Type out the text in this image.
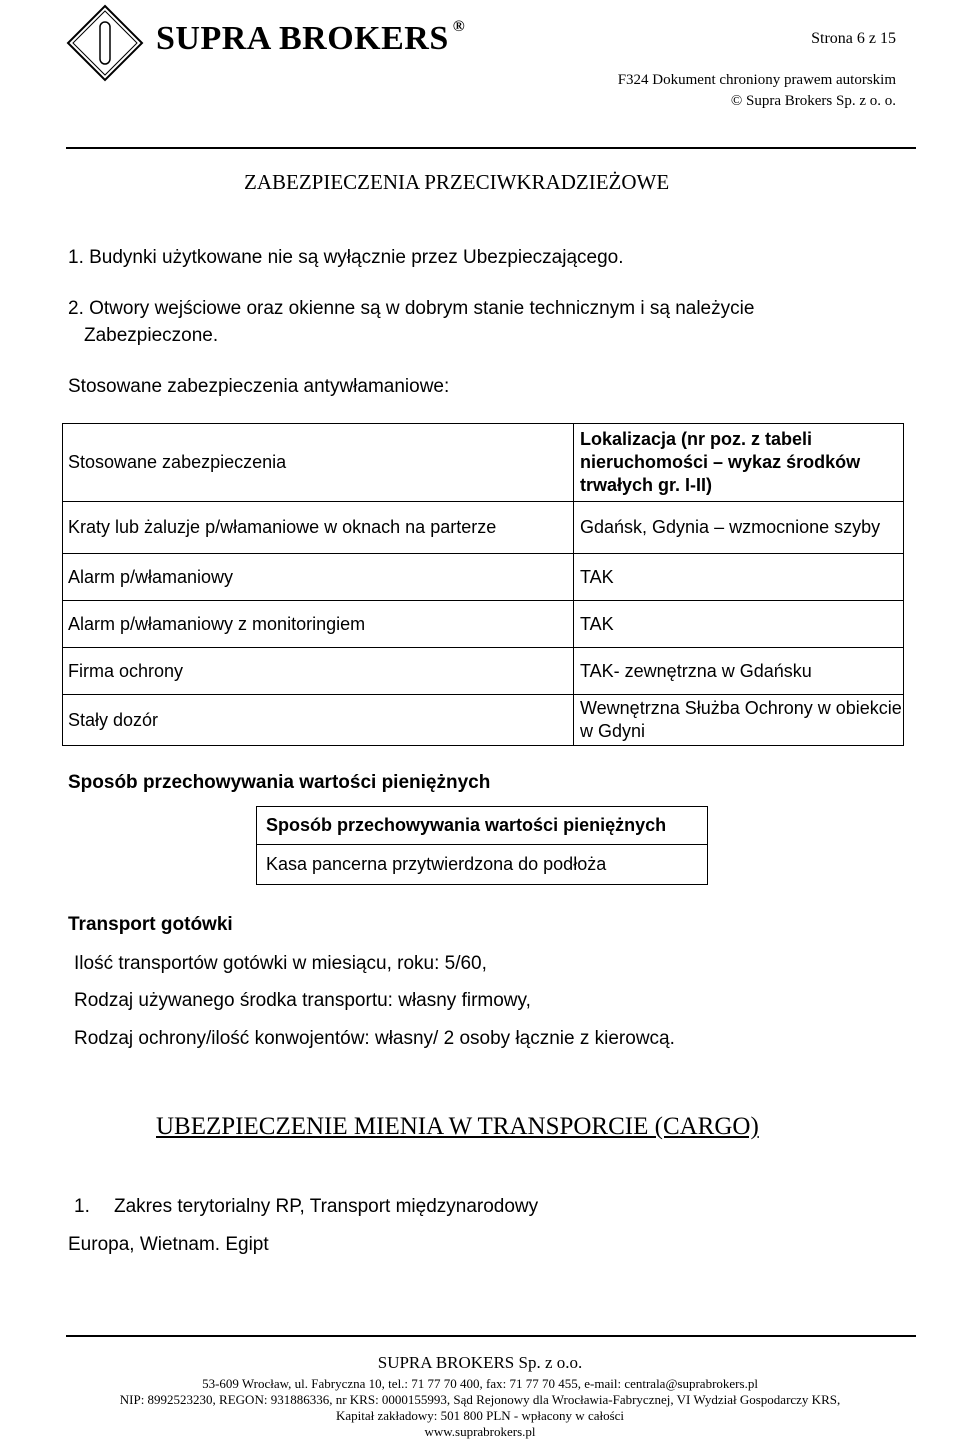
SUPRA BROKERS ®
Strona 6 z 15
F324 Dokument chroniony prawem autorskim
© Supra Brokers Sp. z o. o.
ZABEZPIECZENIA PRZECIWKRADZIEŻOWE
1. Budynki użytkowane nie są wyłącznie przez Ubezpieczającego.
2. Otwory wejściowe oraz okienne są w dobrym stanie technicznym i są należycie
Zabezpieczone.
Stosowane zabezpieczenia antywłamaniowe:
Stosowane zabezpieczenia	Lokalizacja (nr poz. z tabeli nieruchomości – wykaz środków trwałych gr. I-II)
Kraty lub żaluzje p/włamaniowe w oknach na parterze	Gdańsk, Gdynia – wzmocnione szyby
Alarm p/włamaniowy	TAK
Alarm p/włamaniowy z monitoringiem	TAK
Firma ochrony	TAK- zewnętrzna w Gdańsku
Stały dozór	Wewnętrzna Służba Ochrony w obiekcie w Gdyni
Sposób przechowywania wartości pieniężnych
Sposób przechowywania wartości pieniężnych
Kasa pancerna przytwierdzona do podłoża
Transport gotówki
Ilość transportów gotówki w miesiącu, roku: 5/60,
Rodzaj używanego środka transportu: własny firmowy,
Rodzaj ochrony/ilość konwojentów: własny/ 2 osoby łącznie z kierowcą.
UBEZPIECZENIE MIENIA W TRANSPORCIE (CARGO)
1. Zakres terytorialny RP, Transport międzynarodowy
Europa, Wietnam. Egipt
SUPRA BROKERS Sp. z o.o.
53-609 Wrocław, ul. Fabryczna 10, tel.: 71 77 70 400, fax: 71 77 70 455, e-mail: centrala@suprabrokers.pl
NIP: 8992523230, REGON: 931886336, nr KRS: 0000155993, Sąd Rejonowy dla Wrocławia-Fabrycznej, VI Wydział Gospodarczy KRS,
Kapitał zakładowy: 501 800 PLN - wpłacony w całości
www.suprabrokers.pl
